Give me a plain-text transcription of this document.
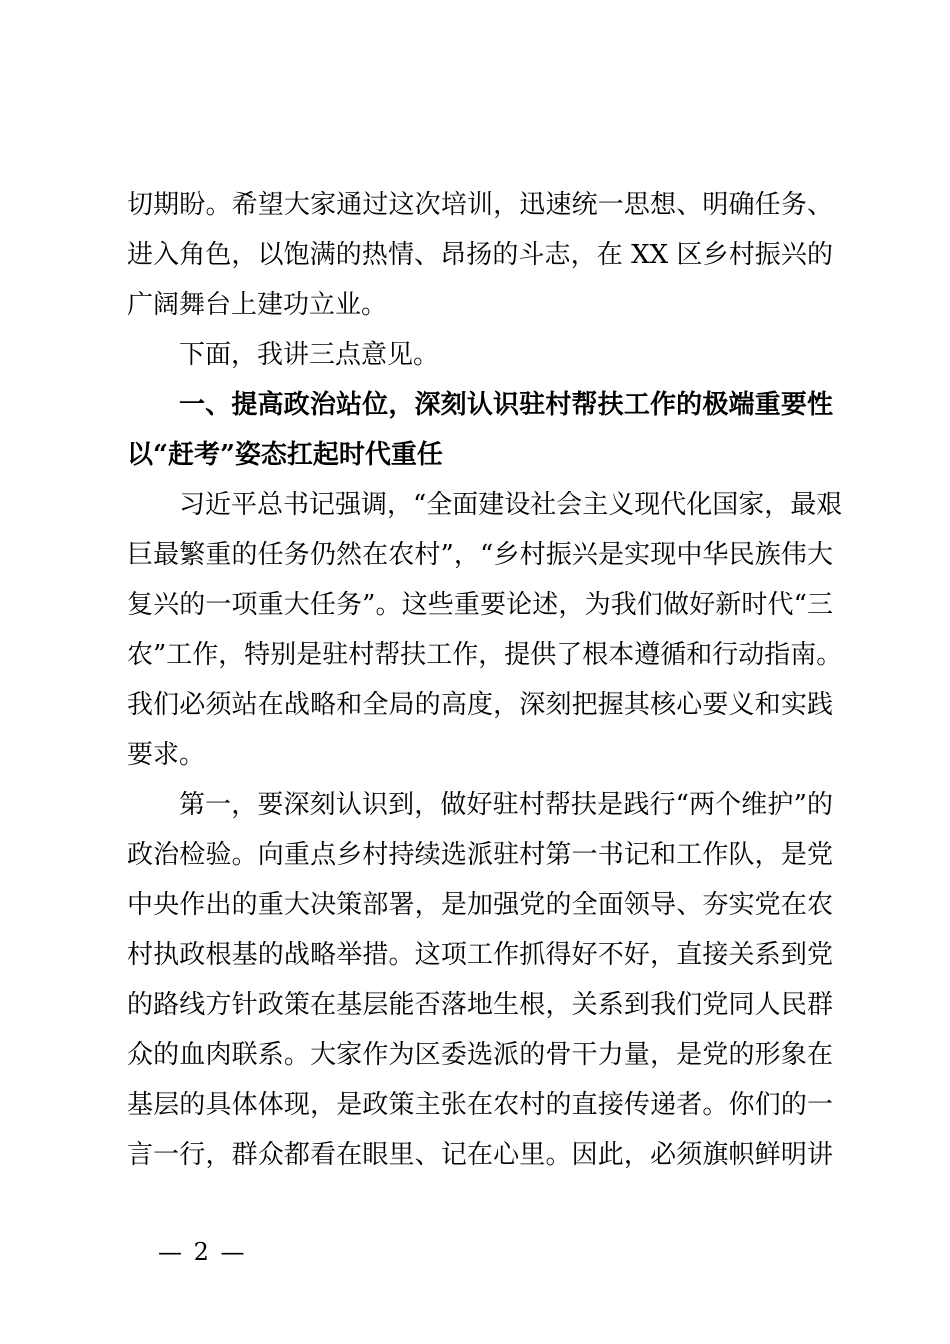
切期盼。希望大家通过这次培训，迅速统一思想、明确任务、
进入角色，以饱满的热情、昂扬的斗志，在 XX 区乡村振兴的
广阔舞台上建功立业。
下面，我讲三点意见。
一、提高政治站位，深刻认识驻村帮扶工作的极端重要性
以“赶考”姿态扛起时代重任
习近平总书记强调，“全面建设社会主义现代化国家，最艰
巨最繁重的任务仍然在农村”，“乡村振兴是实现中华民族伟大
复兴的一项重大任务”。这些重要论述，为我们做好新时代“三
农”工作，特别是驻村帮扶工作，提供了根本遵循和行动指南。
我们必须站在战略和全局的高度，深刻把握其核心要义和实践
要求。
第一，要深刻认识到，做好驻村帮扶是践行“两个维护”的
政治检验。向重点乡村持续选派驻村第一书记和工作队，是党
中央作出的重大决策部署，是加强党的全面领导、夯实党在农
村执政根基的战略举措。这项工作抓得好不好，直接关系到党
的路线方针政策在基层能否落地生根，关系到我们党同人民群
众的血肉联系。大家作为区委选派的骨干力量，是党的形象在
基层的具体体现，是政策主张在农村的直接传递者。你们的一
言一行，群众都看在眼里、记在心里。因此，必须旗帜鲜明讲
— 2 —
